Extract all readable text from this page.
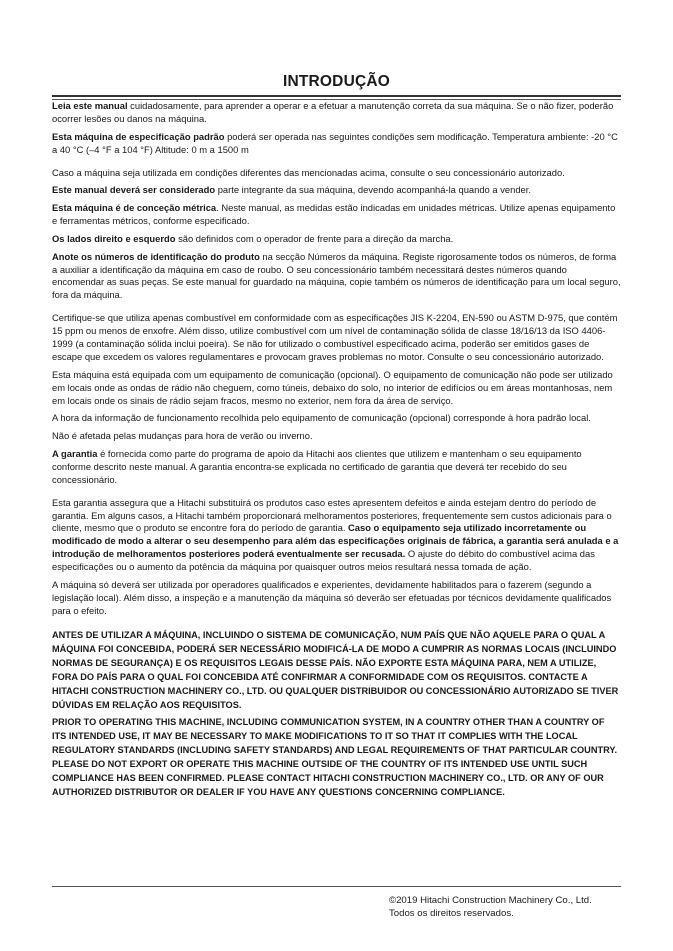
INTRODUÇÃO

Leia este manual cuidadosamente, para aprender a operar e a efetuar a manutenção correta da sua máquina. Se o não fizer, poderão ocorrer lesões ou danos na máquina.

Esta máquina de especificação padrão poderá ser operada nas seguintes condições sem modificação. Temperatura ambiente: -20 °C a 40 °C (–4 °F a 104 °F) Altitude: 0 m a 1500 m

Caso a máquina seja utilizada em condições diferentes das mencionadas acima, consulte o seu concessionário autorizado.

Este manual deverá ser considerado parte integrante da sua máquina, devendo acompanhá-la quando a vender.

Esta máquina é de conceção métrica. Neste manual, as medidas estão indicadas em unidades métricas. Utilize apenas equipamento e ferramentas métricos, conforme especificado.

Os lados direito e esquerdo são definidos com o operador de frente para a direção da marcha.

Anote os números de identificação do produto na secção Números da máquina. Registe rigorosamente todos os números, de forma a auxiliar a identificação da máquina em caso de roubo. O seu concessionário também necessitará destes números quando encomendar as suas peças. Se este manual for guardado na máquina, copie também os números de identificação para um local seguro, fora da máquina.

Certifique-se que utiliza apenas combustível em conformidade com as especificações JIS K-2204, EN-590 ou ASTM D-975, que contém 15 ppm ou menos de enxofre. Além disso, utilize combustível com um nível de contaminação sólida de classe 18/16/13 da ISO 4406-1999 (a contaminação sólida inclui poeira). Se não for utilizado o combustível especificado acima, poderão ser emitidos gases de escape que excedem os valores regulamentares e provocam graves problemas no motor. Consulte o seu concessionário autorizado.

Esta máquina está equipada com um equipamento de comunicação (opcional). O equipamento de comunicação não pode ser utilizado em locais onde as ondas de rádio não cheguem, como túneis, debaixo do solo, no interior de edifícios ou em áreas montanhosas, nem em locais onde os sinais de rádio sejam fracos, mesmo no exterior, nem fora da área de serviço.

A hora da informação de funcionamento recolhida pelo equipamento de comunicação (opcional) corresponde à hora padrão local.

Não é afetada pelas mudanças para hora de verão ou inverno.

A garantia é fornecida como parte do programa de apoio da Hitachi aos clientes que utilizem e mantenham o seu equipamento conforme descrito neste manual. A garantia encontra-se explicada no certificado de garantia que deverá ter recebido do seu concessionário.

Esta garantia assegura que a Hitachi substituirá os produtos caso estes apresentem defeitos e ainda estejam dentro do período de garantia. Em alguns casos, a Hitachi também proporcionará melhoramentos posteriores, frequentemente sem custos adicionais para o cliente, mesmo que o produto se encontre fora do período de garantia. Caso o equipamento seja utilizado incorretamente ou modificado de modo a alterar o seu desempenho para além das especificações originais de fábrica, a garantia será anulada e a introdução de melhoramentos posteriores poderá eventualmente ser recusada. O ajuste do débito do combustível acima das especificações ou o aumento da potência da máquina por quaisquer outros meios resultará nessa tomada de ação.

A máquina só deverá ser utilizada por operadores qualificados e experientes, devidamente habilitados para o fazerem (segundo a legislação local). Além disso, a inspeção e a manutenção da máquina só deverão ser efetuadas por técnicos devidamente qualificados para o efeito.

ANTES DE UTILIZAR A MÁQUINA, INCLUINDO O SISTEMA DE COMUNICAÇÃO, NUM PAÍS QUE NÃO AQUELE PARA O QUAL A MÁQUINA FOI CONCEBIDA, PODERÁ SER NECESSÁRIO MODIFICÁ-LA DE MODO A CUMPRIR AS NORMAS LOCAIS (INCLUINDO NORMAS DE SEGURANÇA) E OS REQUISITOS LEGAIS DESSE PAÍS. NÃO EXPORTE ESTA MÁQUINA PARA, NEM A UTILIZE, FORA DO PAÍS PARA O QUAL FOI CONCEBIDA ATÉ CONFIRMAR A CONFORMIDADE COM OS REQUISITOS. CONTACTE A HITACHI CONSTRUCTION MACHINERY CO., LTD. OU QUALQUER DISTRIBUIDOR OU CONCESSIONÁRIO AUTORIZADO SE TIVER DÚVIDAS EM RELAÇÃO AOS REQUISITOS.

PRIOR TO OPERATING THIS MACHINE, INCLUDING COMMUNICATION SYSTEM, IN A COUNTRY OTHER THAN A COUNTRY OF ITS INTENDED USE, IT MAY BE NECESSARY TO MAKE MODIFICATIONS TO IT SO THAT IT COMPLIES WITH THE LOCAL REGULATORY STANDARDS (INCLUDING SAFETY STANDARDS) AND LEGAL REQUIREMENTS OF THAT PARTICULAR COUNTRY. PLEASE DO NOT EXPORT OR OPERATE THIS MACHINE OUTSIDE OF THE COUNTRY OF ITS INTENDED USE UNTIL SUCH COMPLIANCE HAS BEEN CONFIRMED. PLEASE CONTACT HITACHI CONSTRUCTION MACHINERY CO., LTD. OR ANY OF OUR AUTHORIZED DISTRIBUTOR OR DEALER IF YOU HAVE ANY QUESTIONS CONCERNING COMPLIANCE.

©2019 Hitachi Construction Machinery Co., Ltd.
Todos os direitos reservados.
